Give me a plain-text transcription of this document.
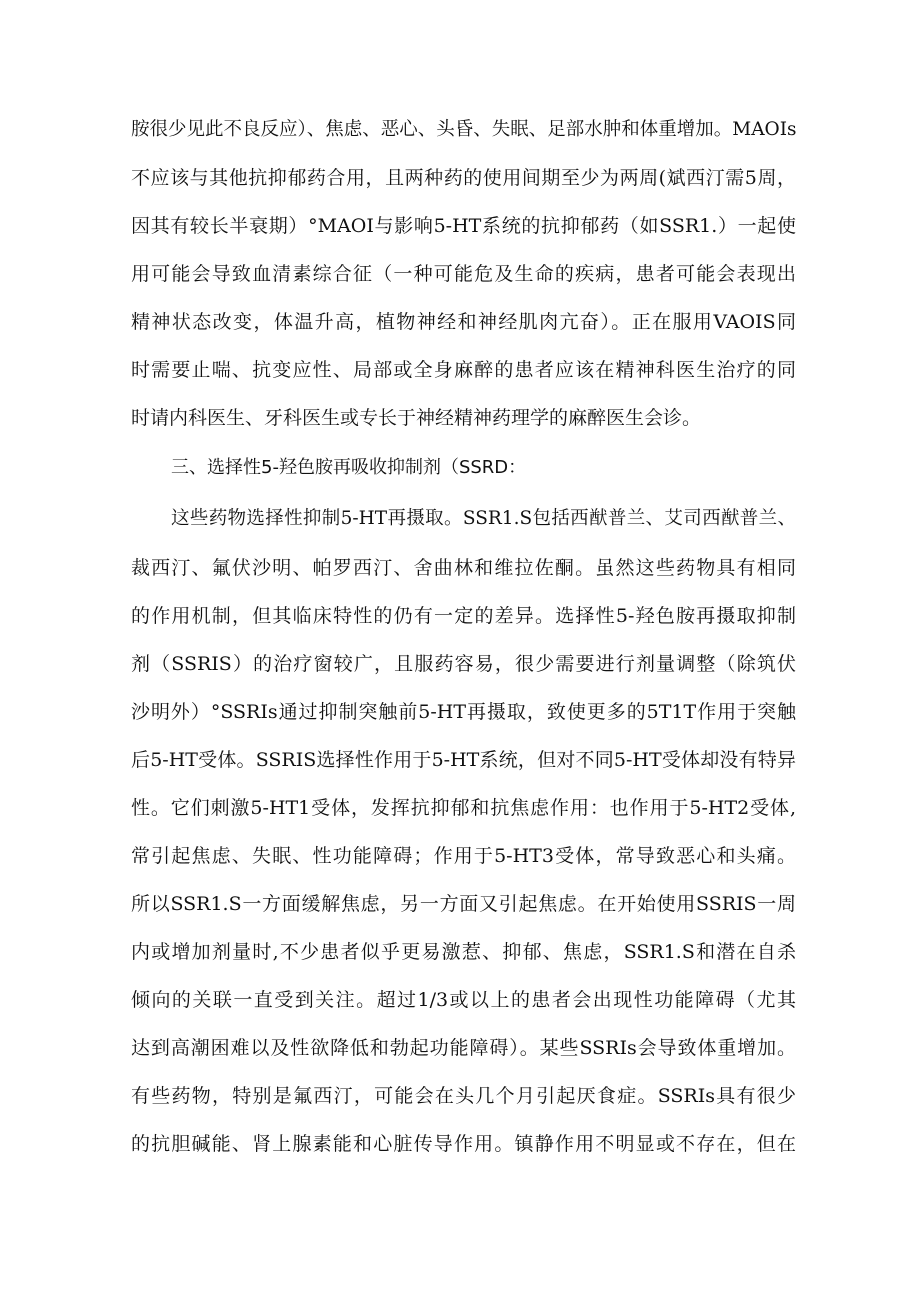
胺很少见此不良反应）、焦虑、恶心、头昏、失眠、足部水肿和体重增加。MAOIs
不应该与其他抗抑郁药合用，且两种药的使用间期至少为两周(斌西汀需5周，
因其有较长半衰期）°MAOI与影响5-HT系统的抗抑郁药（如SSR1.）一起使
用可能会导致血清素综合征（一种可能危及生命的疾病，患者可能会表现出
精神状态改变，体温升高，植物神经和神经肌肉亢奋）。正在服用VAOIS同
时需要止喘、抗变应性、局部或全身麻醉的患者应该在精神科医生治疗的同
时请内科医生、牙科医生或专长于神经精神药理学的麻醉医生会诊。
三、选择性5-羟色胺再吸收抑制剂（SSRD：
这些药物选择性抑制5-HT再摄取。SSR1.S包括西猷普兰、艾司西猷普兰、
裁西汀、氟伏沙明、帕罗西汀、舍曲林和维拉佐酮。虽然这些药物具有相同
的作用机制，但其临床特性的仍有一定的差异。选择性5-羟色胺再摄取抑制
剂（SSRIS）的治疗窗较广，且服药容易，很少需要进行剂量调整（除筑伏
沙明外）°SSRIs通过抑制突触前5-HT再摄取，致使更多的5T1T作用于突触
后5-HT受体。SSRIS选择性作用于5-HT系统，但对不同5-HT受体却没有特异
性。它们刺激5-HT1受体，发挥抗抑郁和抗焦虑作用：也作用于5-HT2受体,
常引起焦虑、失眠、性功能障碍；作用于5-HT3受体，常导致恶心和头痛。
所以SSR1.S一方面缓解焦虑，另一方面又引起焦虑。在开始使用SSRIS一周
内或增加剂量时,不少患者似乎更易激惹、抑郁、焦虑，SSR1.S和潜在自杀
倾向的关联一直受到关注。超过1/3或以上的患者会出现性功能障碍（尤其
达到高潮困难以及性欲降低和勃起功能障碍）。某些SSRIs会导致体重增加。
有些药物，特别是氟西汀，可能会在头几个月引起厌食症。SSRIs具有很少
的抗胆碱能、肾上腺素能和心脏传导作用。镇静作用不明显或不存在，但在
